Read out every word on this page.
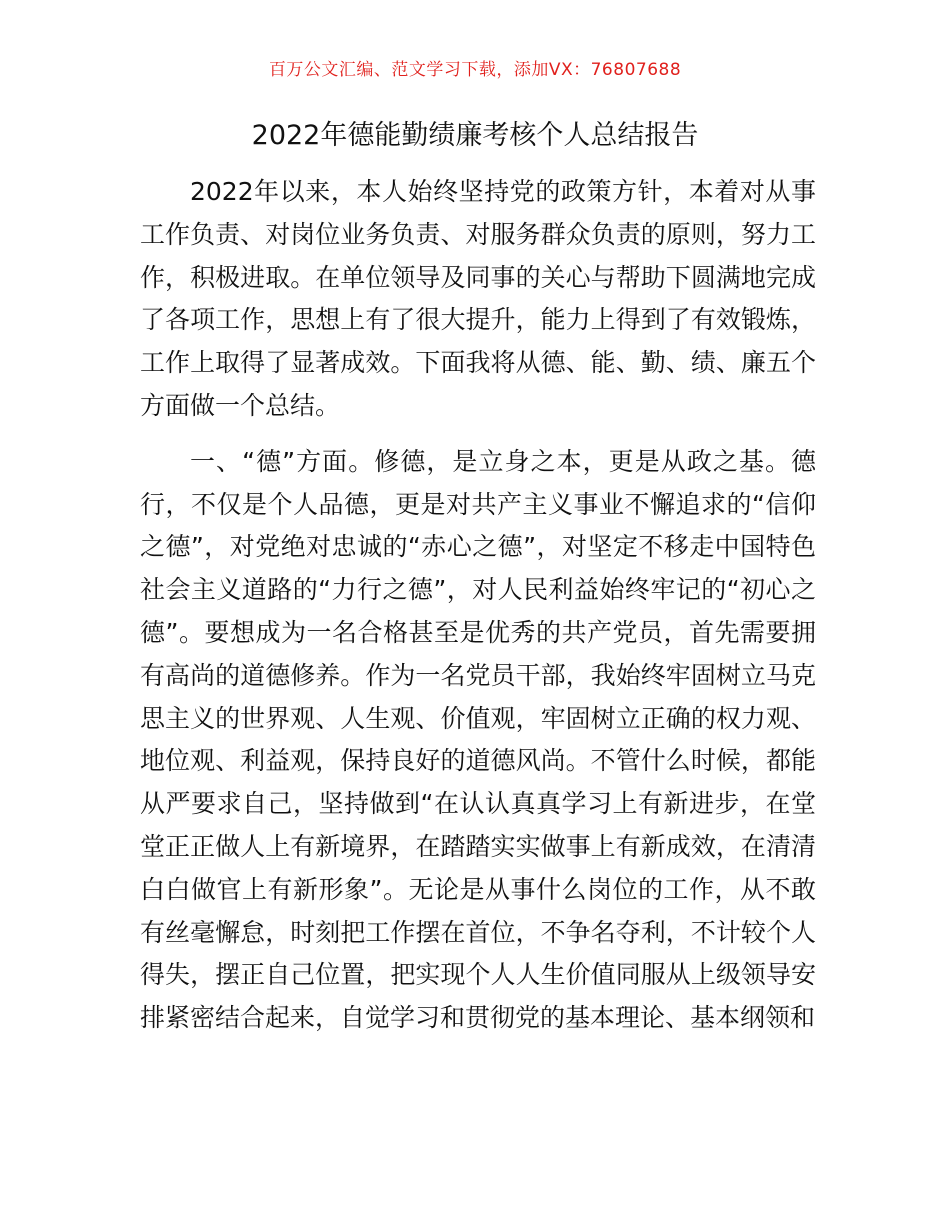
百万公文汇编、范文学习下载，添加VX：76807688
2022年德能勤绩廉考核个人总结报告

2022年以来，本人始终坚持党的政策方针，本着对从事工作负责、对岗位业务负责、对服务群众负责的原则，努力工作，积极进取。在单位领导及同事的关心与帮助下圆满地完成了各项工作，思想上有了很大提升，能力上得到了有效锻炼，工作上取得了显著成效。下面我将从德、能、勤、绩、廉五个方面做一个总结。

一、“德”方面。修德，是立身之本，更是从政之基。德行，不仅是个人品德，更是对共产主义事业不懈追求的“信仰之德”，对党绝对忠诚的“赤心之德”，对坚定不移走中国特色社会主义道路的“力行之德”，对人民利益始终牢记的“初心之德”。要想成为一名合格甚至是优秀的共产党员，首先需要拥有高尚的道德修养。作为一名党员干部，我始终牢固树立马克思主义的世界观、人生观、价值观，牢固树立正确的权力观、地位观、利益观，保持良好的道德风尚。不管什么时候，都能从严要求自己，坚持做到“在认认真真学习上有新进步，在堂堂正正做人上有新境界，在踏踏实实做事上有新成效，在清清白白做官上有新形象”。无论是从事什么岗位的工作，从不敢有丝毫懈怠，时刻把工作摆在首位，不争名夺利，不计较个人得失，摆正自己位置，把实现个人人生价值同服从上级领导安排紧密结合起来，自觉学习和贯彻党的基本理论、基本纲领和
